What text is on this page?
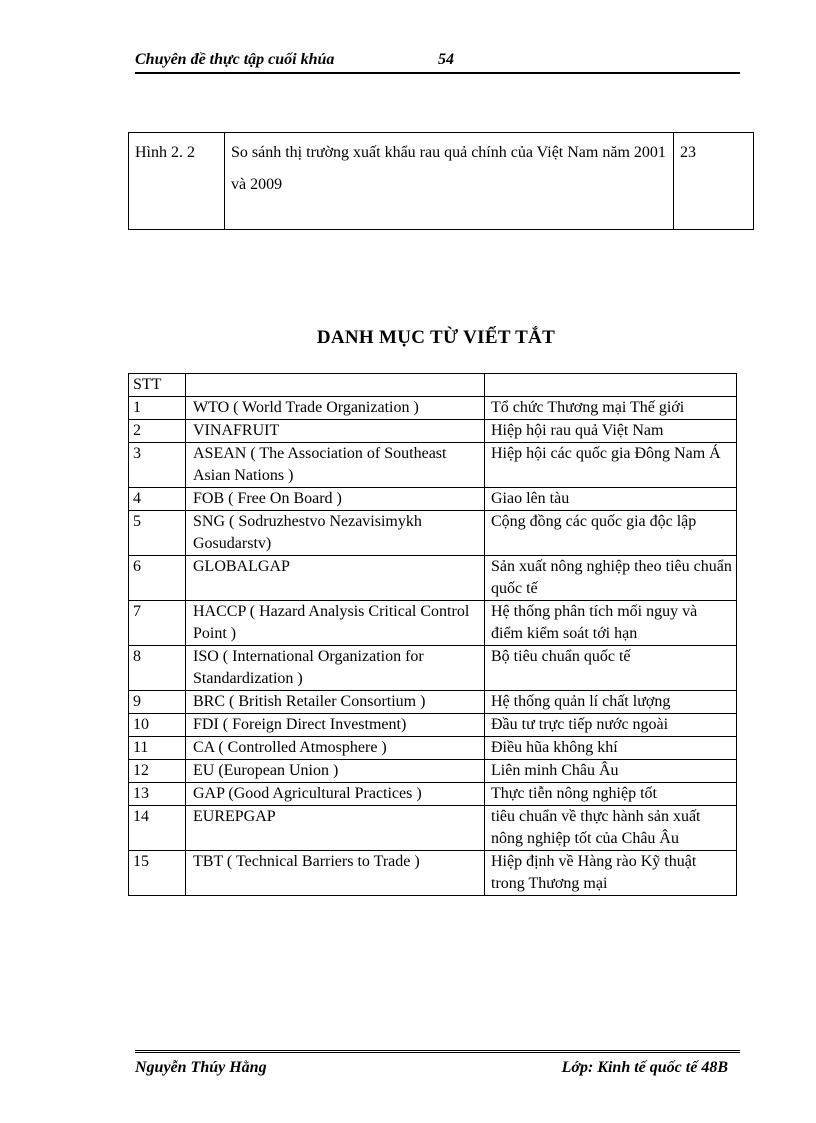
Chuyên đề thực tập cuối khúa	54
Hình 2. 2	So sánh thị trường xuất khẩu rau quả chính của Việt Nam năm 2001 và 2009	23
DANH MỤC TỪ VIẾT TẮT
STT		
1	WTO ( World Trade Organization )	Tổ chức Thương mại Thế giới
2	VINAFRUIT	Hiệp hội rau quả Việt Nam
3	ASEAN ( The Association of Southeast Asian Nations )	Hiệp hội các quốc gia Đông Nam Á
4	FOB ( Free On Board )	Giao lên tàu
5	SNG ( Sodruzhestvo Nezavisimykh Gosudarstv)	Cộng đồng các quốc gia độc lập
6	GLOBALGAP	Sản xuất nông nghiệp theo tiêu chuẩn quốc tế
7	HACCP ( Hazard Analysis Critical Control Point )	Hệ thống phân tích mối nguy và điểm kiểm soát tới hạn
8	ISO ( International Organization for Standardization )	Bộ tiêu chuẩn quốc tế
9	BRC ( British Retailer Consortium )	Hệ thống quản lí chất lượng
10	FDI ( Foreign Direct Investment)	Đầu tư trực tiếp nước ngoài
11	CA ( Controlled Atmosphere )	Điều hũa không khí
12	EU (European Union )	Liên minh Châu Âu
13	GAP (Good Agricultural Practices )	Thực tiễn nông nghiệp tốt
14	EUREPGAP	tiêu chuẩn về thực hành sản xuất nông nghiệp tốt của Châu Âu
15	TBT ( Technical Barriers to Trade )	Hiệp định về Hàng rào Kỹ thuật trong Thương mại
Nguyễn Thúy Hằng	Lớp: Kinh tế quốc tế 48B
